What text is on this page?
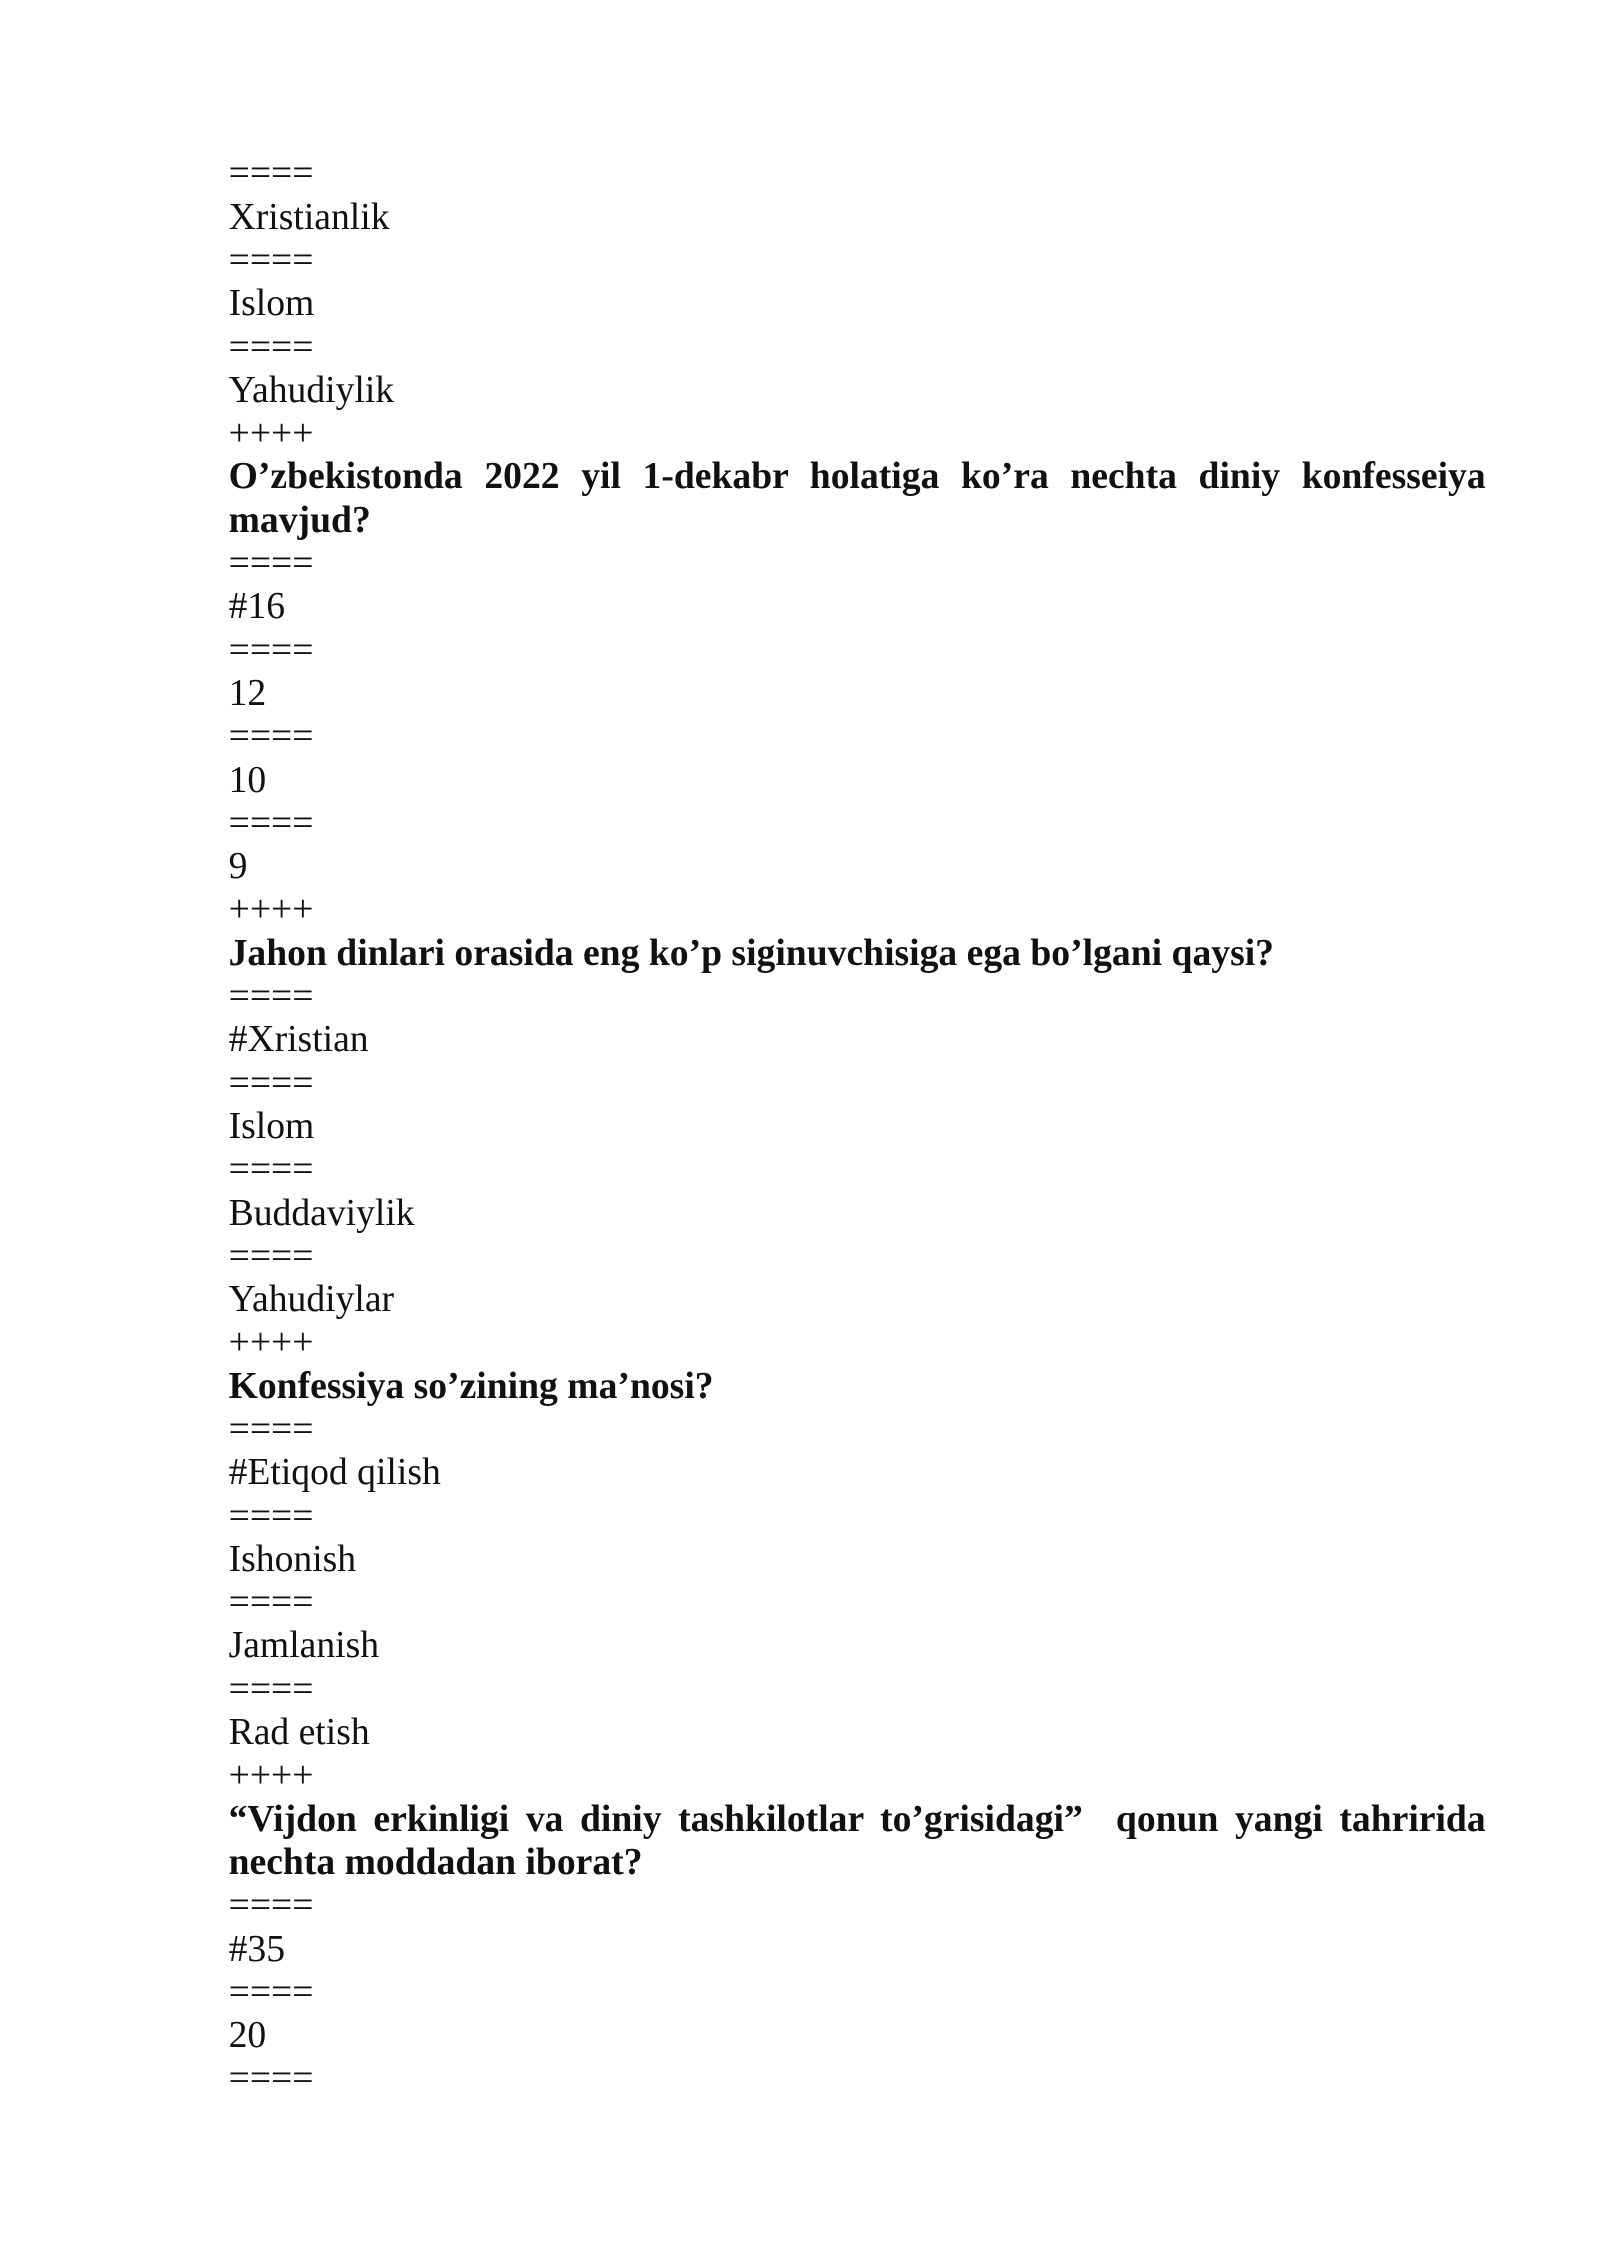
====
Xristianlik
====
Islom
====
Yahudiylik
++++
O’zbekistonda 2022 yil 1-dekabr holatiga ko’ra nechta diniy konfesseiya mavjud?
====
#16
====
12
====
10
====
9
++++
Jahon dinlari orasida eng ko’p siginuvchisiga ega bo’lgani qaysi?
====
#Xristian
====
Islom
====
Buddaviylik
====
Yahudiylar
++++
Konfessiya so’zining ma’nosi?
====
#Etiqod qilish
====
Ishonish
====
Jamlanish
====
Rad etish
++++
“Vijdon erkinligi va diniy tashkilotlar to’grisidagi”  qonun yangi tahririda nechta moddadan iborat?
====
#35
====
20
====
